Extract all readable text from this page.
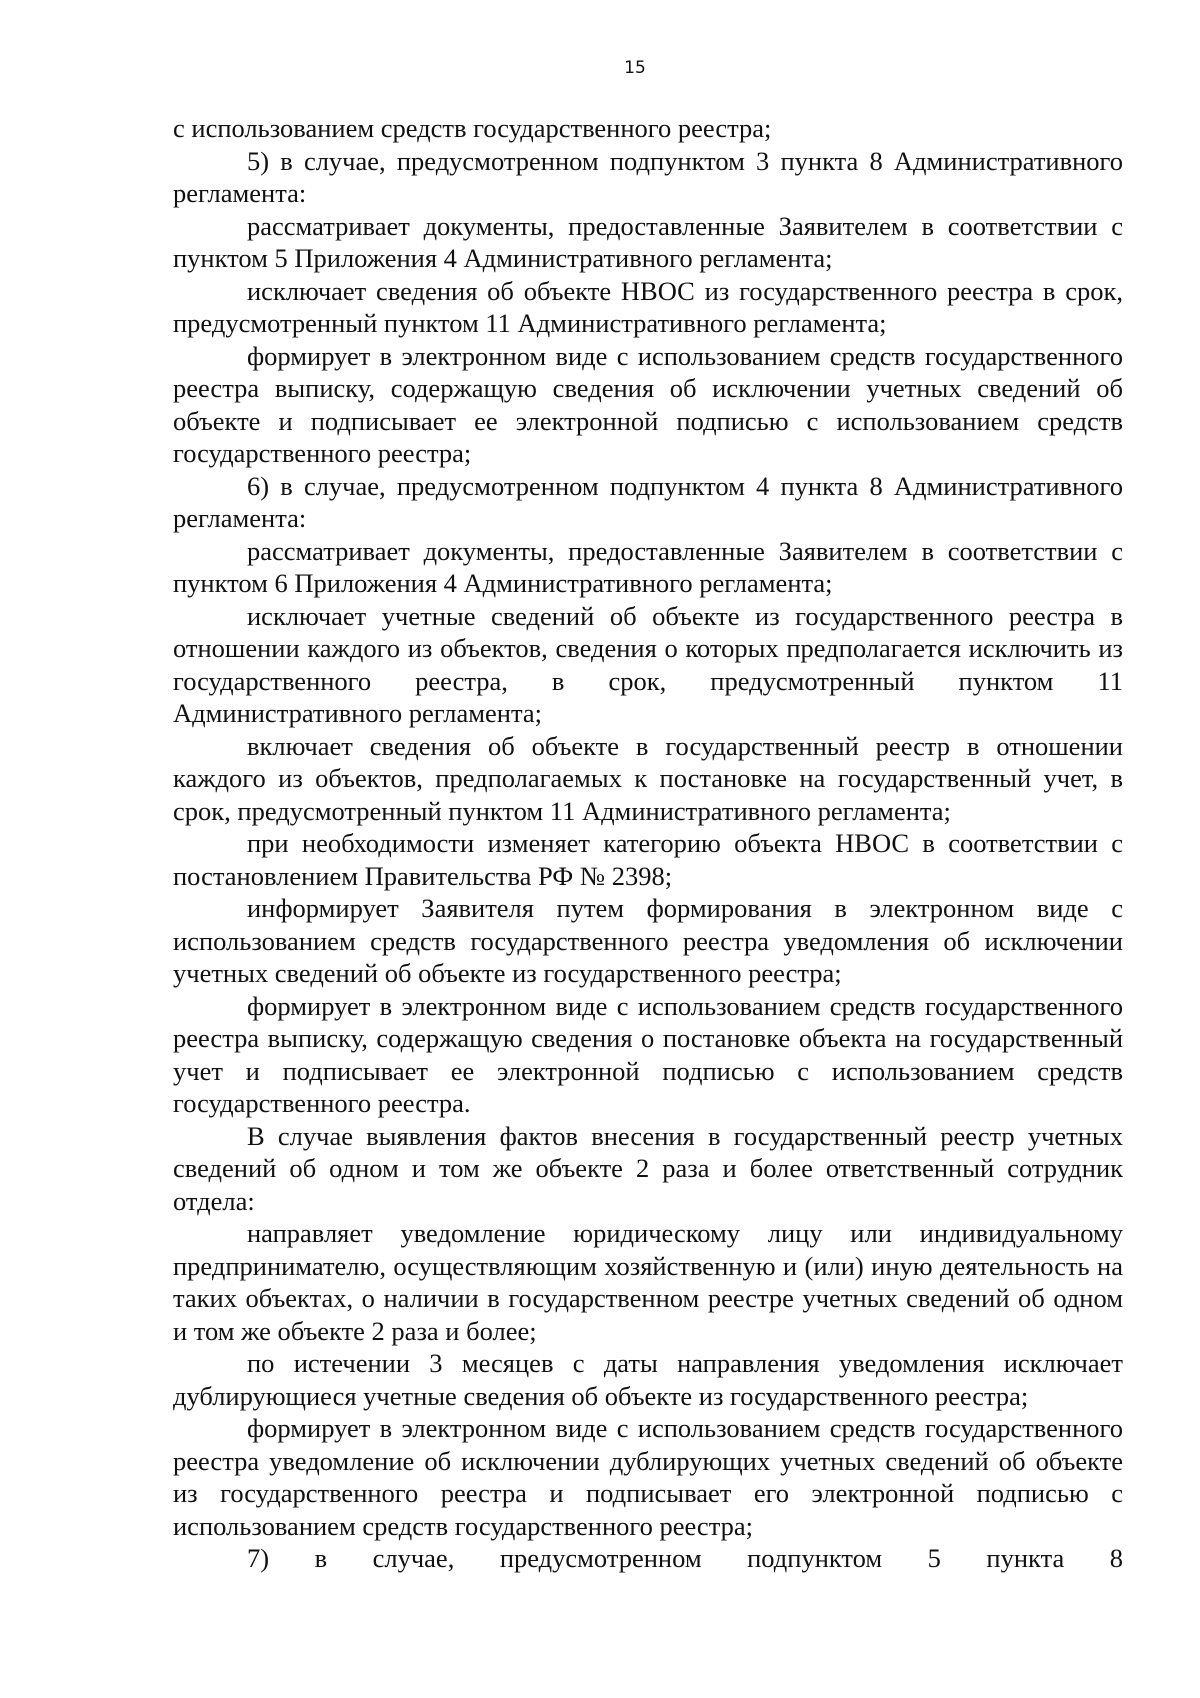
15

с использованием средств государственного реестра;

5) в случае, предусмотренном подпунктом 3 пункта 8 Административного регламента:

рассматривает документы, предоставленные Заявителем в соответствии с пунктом 5 Приложения 4 Административного регламента;

исключает сведения об объекте НВОС из государственного реестра в срок, предусмотренный пунктом 11 Административного регламента;

формирует в электронном виде с использованием средств государственного реестра выписку, содержащую сведения об исключении учетных сведений об объекте и подписывает ее электронной подписью с использованием средств государственного реестра;

6) в случае, предусмотренном подпунктом 4 пункта 8 Административного регламента:

рассматривает документы, предоставленные Заявителем в соответствии с пунктом 6 Приложения 4 Административного регламента;

исключает учетные сведений об объекте из государственного реестра в отношении каждого из объектов, сведения о которых предполагается исключить из государственного реестра, в срок, предусмотренный пунктом 11 Административного регламента;

включает сведения об объекте в государственный реестр в отношении каждого из объектов, предполагаемых к постановке на государственный учет, в срок, предусмотренный пунктом 11 Административного регламента;

при необходимости изменяет категорию объекта НВОС в соответствии с постановлением Правительства РФ № 2398;

информирует Заявителя путем формирования в электронном виде с использованием средств государственного реестра уведомления об исключении учетных сведений об объекте из государственного реестра;

формирует в электронном виде с использованием средств государственного реестра выписку, содержащую сведения о постановке объекта на государственный учет и подписывает ее электронной подписью с использованием средств государственного реестра.

В случае выявления фактов внесения в государственный реестр учетных сведений об одном и том же объекте 2 раза и более ответственный сотрудник отдела:

направляет уведомление юридическому лицу или индивидуальному предпринимателю, осуществляющим хозяйственную и (или) иную деятельность на таких объектах, о наличии в государственном реестре учетных сведений об одном и том же объекте 2 раза и более;

по истечении 3 месяцев с даты направления уведомления исключает дублирующиеся учетные сведения об объекте из государственного реестра;

формирует в электронном виде с использованием средств государственного реестра уведомление об исключении дублирующих учетных сведений об объекте из государственного реестра и подписывает его электронной подписью с использованием средств государственного реестра;

7) в случае, предусмотренном подпунктом 5 пункта 8
